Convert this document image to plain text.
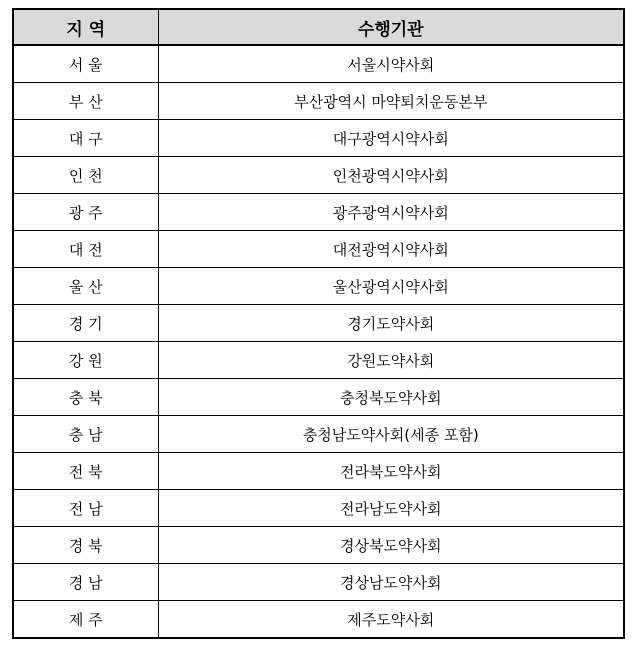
지 역	수행기관
서 울	서울시약사회
부 산	부산광역시 마약퇴치운동본부
대 구	대구광역시약사회
인 천	인천광역시약사회
광 주	광주광역시약사회
대 전	대전광역시약사회
울 산	울산광역시약사회
경 기	경기도약사회
강 원	강원도약사회
충 북	충청북도약사회
충 남	충청남도약사회(세종 포함)
전 북	전라북도약사회
전 남	전라남도약사회
경 북	경상북도약사회
경 남	경상남도약사회
제 주	제주도약사회
